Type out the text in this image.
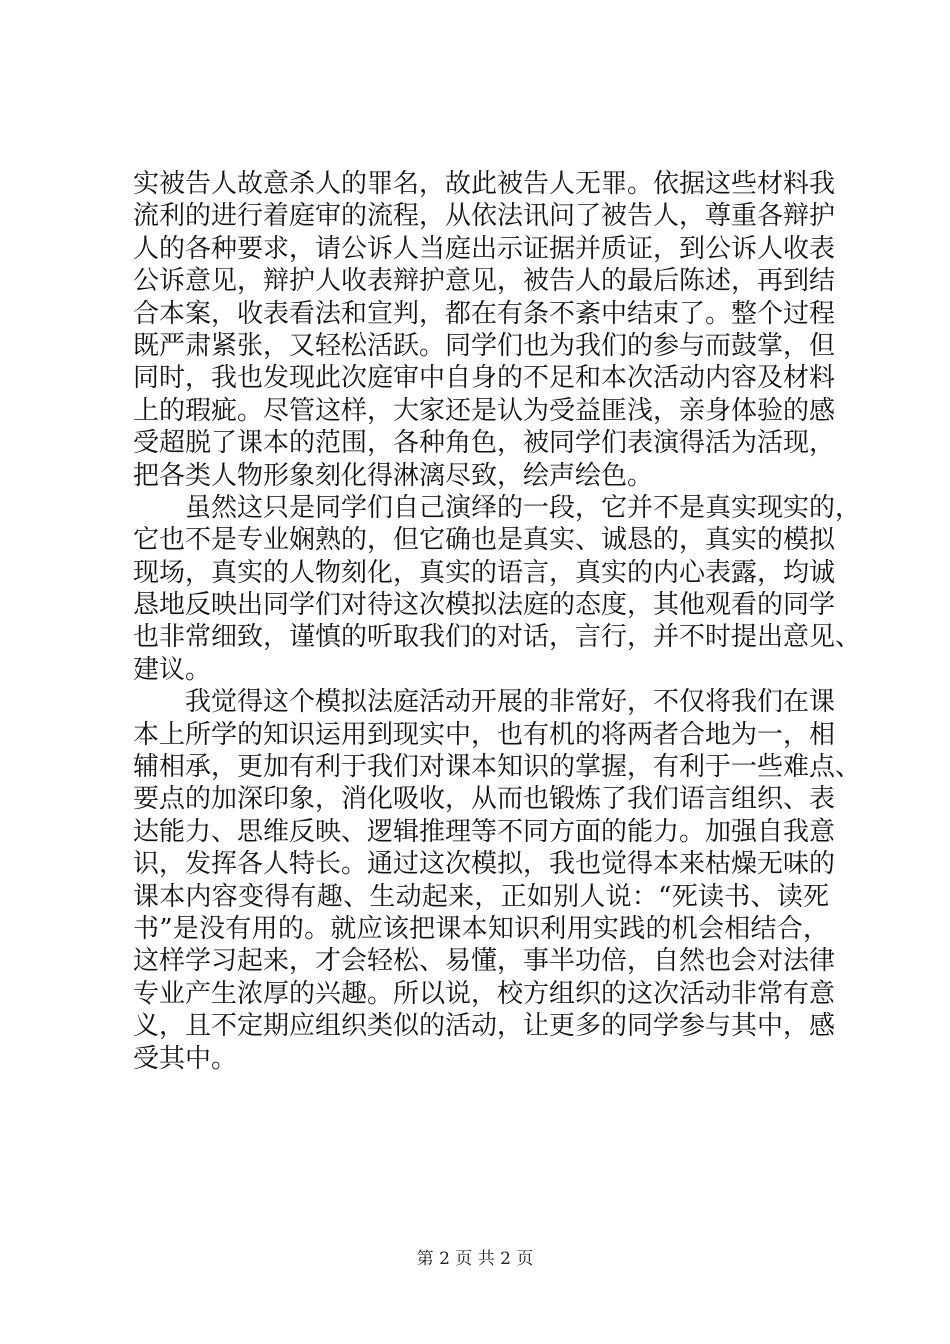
实被告人故意杀人的罪名，故此被告人无罪。依据这些材料我
流利的进行着庭审的流程，从依法讯问了被告人，尊重各辩护
人的各种要求，请公诉人当庭出示证据并质证，到公诉人收表
公诉意见，辩护人收表辩护意见，被告人的最后陈述，再到结
合本案，收表看法和宣判，都在有条不紊中结束了。整个过程
既严肃紧张，又轻松活跃。同学们也为我们的参与而鼓掌，但
同时，我也发现此次庭审中自身的不足和本次活动内容及材料
上的瑕疵。尽管这样，大家还是认为受益匪浅，亲身体验的感
受超脱了课本的范围，各种角色，被同学们表演得活为活现，
把各类人物形象刻化得淋漓尽致，绘声绘色。
虽然这只是同学们自己演绎的一段，它并不是真实现实的，
它也不是专业娴熟的，但它确也是真实、诚恳的，真实的模拟
现场，真实的人物刻化，真实的语言，真实的内心表露，均诚
恳地反映出同学们对待这次模拟法庭的态度，其他观看的同学
也非常细致，谨慎的听取我们的对话，言行，并不时提出意见、
建议。
我觉得这个模拟法庭活动开展的非常好，不仅将我们在课
本上所学的知识运用到现实中，也有机的将两者合地为一，相
辅相承，更加有利于我们对课本知识的掌握，有利于一些难点、
要点的加深印象，消化吸收，从而也锻炼了我们语言组织、表
达能力、思维反映、逻辑推理等不同方面的能力。加强自我意
识，发挥各人特长。通过这次模拟，我也觉得本来枯燥无味的
课本内容变得有趣、生动起来，正如别人说：“死读书、读死
书”是没有用的。就应该把课本知识利用实践的机会相结合，
这样学习起来，才会轻松、易懂，事半功倍，自然也会对法律
专业产生浓厚的兴趣。所以说，校方组织的这次活动非常有意
义，且不定期应组织类似的活动，让更多的同学参与其中，感
受其中。
第 2 页 共 2 页
